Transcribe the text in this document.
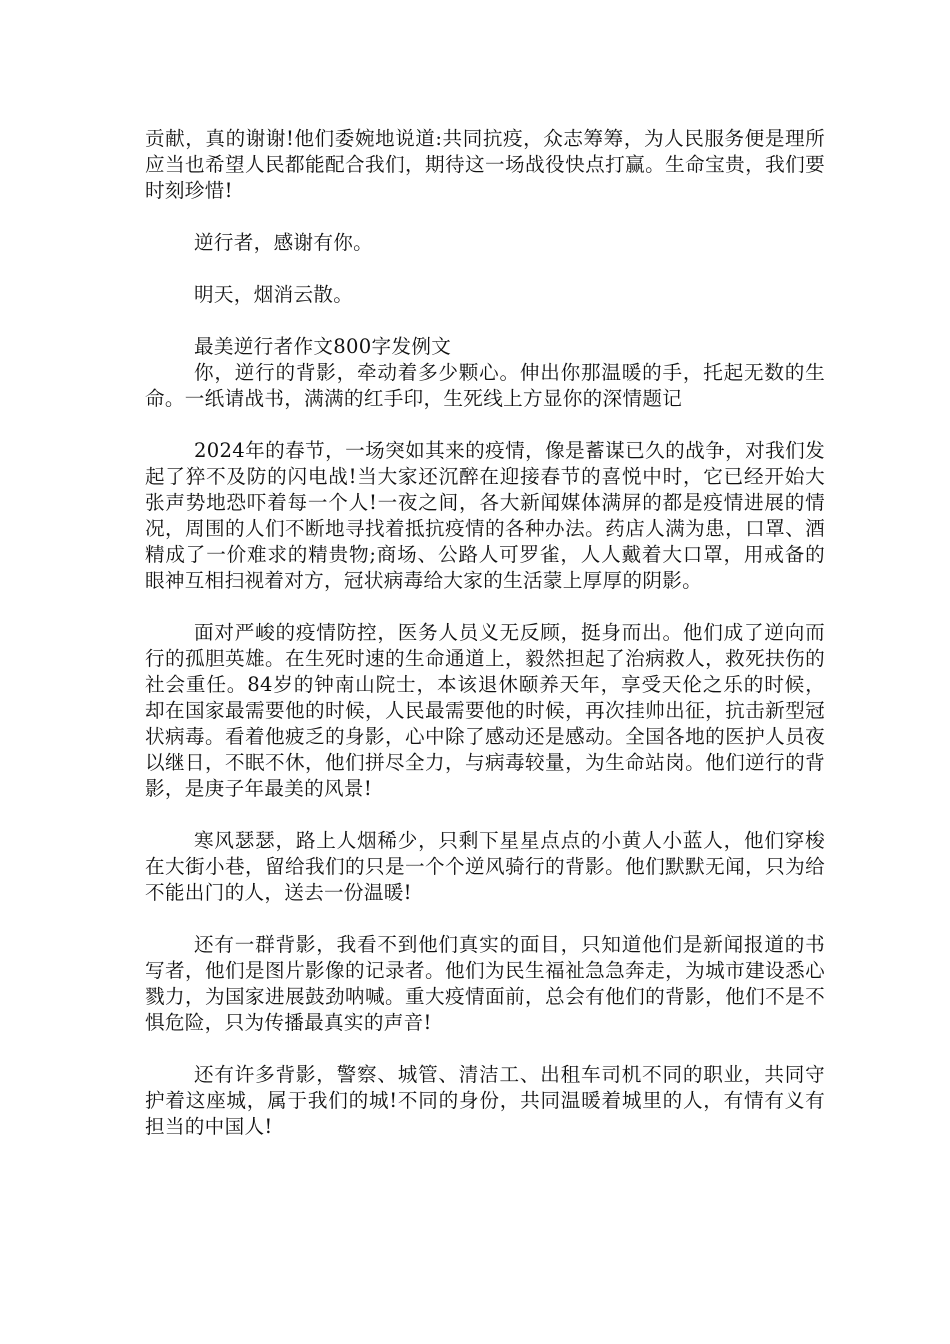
贡献，真的谢谢!他们委婉地说道:共同抗疫，众志筹筹，为人民服务便是理所应当也希望人民都能配合我们，期待这一场战役快点打赢。生命宝贵，我们要时刻珍惜!

逆行者，感谢有你。

明天，烟消云散。

最美逆行者作文800字发例文

你，逆行的背影，牵动着多少颗心。伸出你那温暖的手，托起无数的生命。一纸请战书，满满的红手印，生死线上方显你的深情题记

2024年的春节，一场突如其来的疫情，像是蓄谋已久的战争，对我们发起了猝不及防的闪电战!当大家还沉醉在迎接春节的喜悦中时，它已经开始大张声势地恐吓着每一个人!一夜之间，各大新闻媒体满屏的都是疫情进展的情况，周围的人们不断地寻找着抵抗疫情的各种办法。药店人满为患，口罩、酒精成了一价难求的精贵物;商场、公路人可罗雀，人人戴着大口罩，用戒备的眼神互相扫视着对方，冠状病毒给大家的生活蒙上厚厚的阴影。

面对严峻的疫情防控，医务人员义无反顾，挺身而出。他们成了逆向而行的孤胆英雄。在生死时速的生命通道上，毅然担起了治病救人，救死扶伤的社会重任。84岁的钟南山院士，本该退休颐养天年，享受天伦之乐的时候，却在国家最需要他的时候，人民最需要他的时候，再次挂帅出征，抗击新型冠状病毒。看着他疲乏的身影，心中除了感动还是感动。全国各地的医护人员夜以继日，不眠不休，他们拼尽全力，与病毒较量，为生命站岗。他们逆行的背影，是庚子年最美的风景!

寒风瑟瑟，路上人烟稀少，只剩下星星点点的小黄人小蓝人，他们穿梭在大街小巷，留给我们的只是一个个逆风骑行的背影。他们默默无闻，只为给不能出门的人，送去一份温暖!

还有一群背影，我看不到他们真实的面目，只知道他们是新闻报道的书写者，他们是图片影像的记录者。他们为民生福祉急急奔走，为城市建设悉心戮力，为国家进展鼓劲呐喊。重大疫情面前，总会有他们的背影，他们不是不惧危险，只为传播最真实的声音!

还有许多背影，警察、城管、清洁工、出租车司机不同的职业，共同守护着这座城，属于我们的城!不同的身份，共同温暖着城里的人，有情有义有担当的中国人!
